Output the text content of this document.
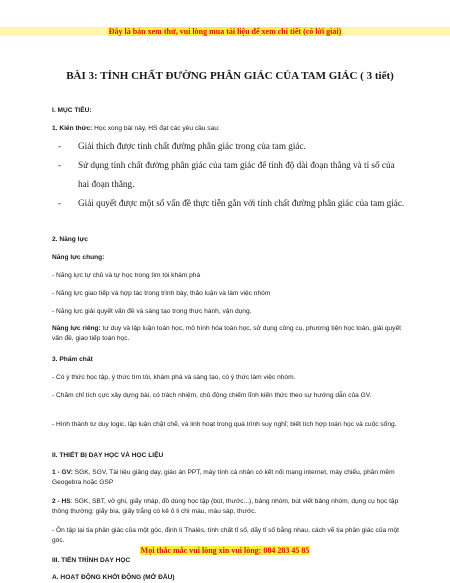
Đây là bản xem thử, vui lòng mua tài liệu để xem chi tiết (có lời giải)
BÀI 3: TÍNH CHẤT ĐƯỜNG PHÂN GIÁC CỦA TAM GIÁC ( 3 tiết)
I. MỤC TIÊU:
1. Kiến thức: Học xong bài này, HS đạt các yêu cầu sau:
- Giải thích được tính chất đường phân giác trong của tam giác.
- Sử dụng tính chất đường phân giác của tam giác để tính độ dài đoạn thẳng và tỉ số của hai đoạn thẳng.
- Giải quyết được một số vấn đề thực tiễn gắn với tính chất đường phân giác của tam giác.
2. Năng lực
Năng lực chung:
- Năng lực tự chủ và tự học trong tìm tòi khám phá
- Năng lực giao tiếp và hợp tác trong trình bày, thảo luận và làm việc nhóm
- Năng lực giải quyết vấn đề và sáng tạo trong thực hành, vận dụng.
Năng lực riêng: tư duy và lập luận toán học, mô hình hóa toán học, sử dụng công cụ, phương tiện học toán, giải quyết vấn đề, giao tiếp toán học.
3. Phẩm chất
- Có ý thức học tập, ý thức tìm tòi, khám phá và sáng tạo, có ý thức làm việc nhóm.
- Chăm chỉ tích cực xây dựng bài, có trách nhiệm, chủ động chiếm lĩnh kiến thức theo sự hướng dẫn của GV.
- Hình thành tư duy logic, lập luận chặt chẽ, và linh hoạt trong quá trình suy nghĩ; biết tích hợp toán học và cuộc sống.
II. THIẾT BỊ DẠY HỌC VÀ HỌC LIỆU
1 - GV: SGK, SGV, Tài liệu giảng dạy, giáo án PPT, máy tính cá nhân có kết nối mạng internet, máy chiếu, phần mềm Geogebra hoặc GSP
2 - HS: SGK, SBT, vở ghi, giấy nháp, đồ dùng học tập (bút, thước...), bảng nhóm, bút viết bảng nhóm, dụng cụ học tập thông thường; giấy bìa, giấy trắng có kẻ ô li chì màu, màu sáp, thước.
- Ôn tập lại tia phân giác của một góc, định lí Thalès, tính chất tỉ số, dãy tỉ số bằng nhau, cách vẽ tia phân giác của một góc.
III. TIẾN TRÌNH DẠY HỌC
A. HOẠT ĐỘNG KHỞI ĐỘNG (MỞ ĐẦU)
Mọi thắc mắc vui lòng xin vui lòng: 084 283 45 85
